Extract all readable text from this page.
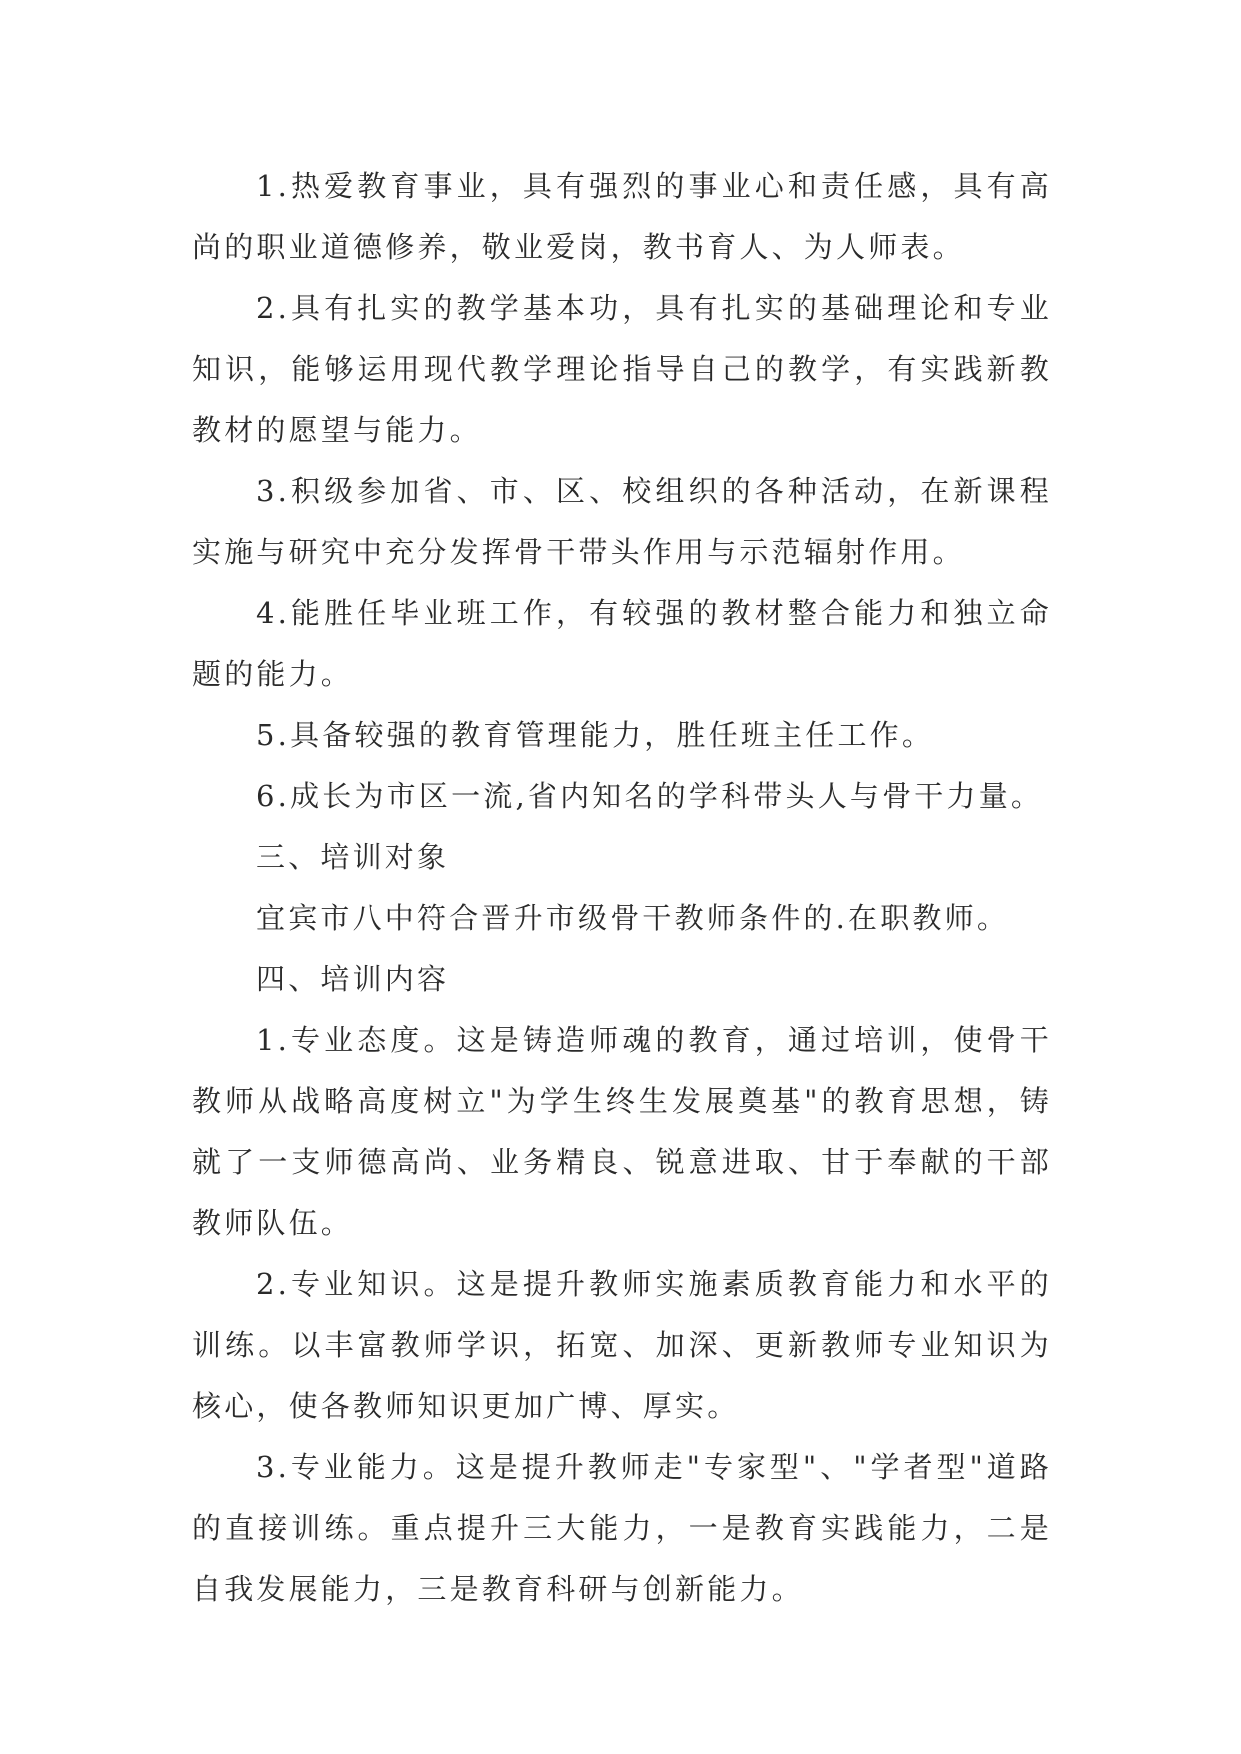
1.热爱教育事业，具有强烈的事业心和责任感，具有高尚的职业道德修养，敬业爱岗，教书育人、为人师表。

2.具有扎实的教学基本功，具有扎实的基础理论和专业知识，能够运用现代教学理论指导自己的教学，有实践新教教材的愿望与能力。

3.积级参加省、市、区、校组织的各种活动，在新课程实施与研究中充分发挥骨干带头作用与示范辐射作用。

4.能胜任毕业班工作，有较强的教材整合能力和独立命题的能力。

5.具备较强的教育管理能力，胜任班主任工作。

6.成长为市区一流,省内知名的学科带头人与骨干力量。

三、培训对象

宜宾市八中符合晋升市级骨干教师条件的.在职教师。

四、培训内容

1.专业态度。这是铸造师魂的教育，通过培训，使骨干教师从战略高度树立"为学生终生发展奠基"的教育思想，铸就了一支师德高尚、业务精良、锐意进取、甘于奉献的干部教师队伍。

2.专业知识。这是提升教师实施素质教育能力和水平的训练。以丰富教师学识，拓宽、加深、更新教师专业知识为核心，使各教师知识更加广博、厚实。

3.专业能力。这是提升教师走"专家型"、"学者型"道路的直接训练。重点提升三大能力，一是教育实践能力，二是自我发展能力，三是教育科研与创新能力。
